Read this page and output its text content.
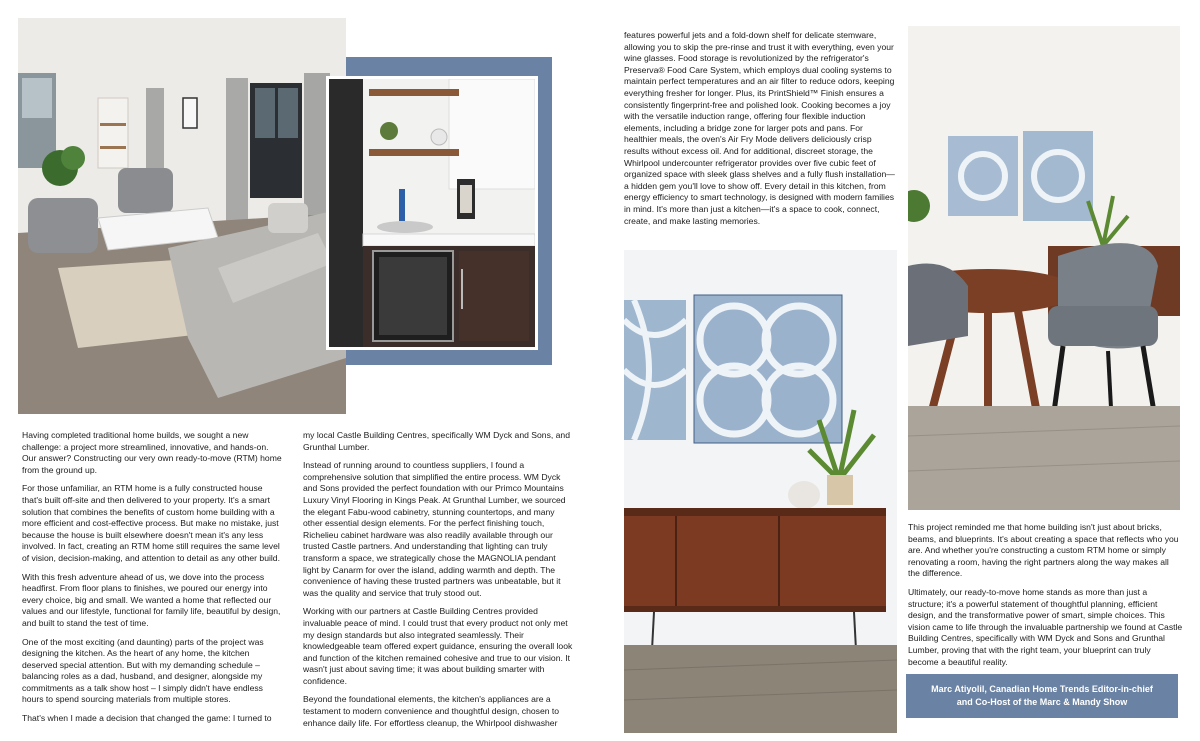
Having completed traditional home builds, we sought a new challenge: a project more streamlined, innovative, and hands-on. Our answer? Constructing our very own ready-to-move (RTM) home from the ground up.

For those unfamiliar, an RTM home is a fully constructed house that's built off-site and then delivered to your property. It's a smart solution that combines the benefits of custom home building with a more efficient and cost-effective process. But make no mistake, just because the house is built elsewhere doesn't mean it's any less involved. In fact, creating an RTM home still requires the same level of vision, decision-making, and attention to detail as any other build.

With this fresh adventure ahead of us, we dove into the process headfirst. From floor plans to finishes, we poured our energy into every choice, big and small. We wanted a home that reflected our values and our lifestyle, functional for family life, beautiful by design, and built to stand the test of time.

One of the most exciting (and daunting) parts of the project was designing the kitchen. As the heart of any home, the kitchen deserved special attention. But with my demanding schedule – balancing roles as a dad, husband, and designer, alongside my commitments as a talk show host – I simply didn't have endless hours to spend sourcing materials from multiple stores.

That's when I made a decision that changed the game: I turned to

my local Castle Building Centres, specifically WM Dyck and Sons, and Grunthal Lumber.

Instead of running around to countless suppliers, I found a comprehensive solution that simplified the entire process. WM Dyck and Sons provided the perfect foundation with our Primco Mountains Luxury Vinyl Flooring in Kings Peak. At Grunthal Lumber, we sourced the elegant Fabu-wood cabinetry, stunning countertops, and many other essential design elements. For the perfect finishing touch, Richelieu cabinet hardware was also readily available through our trusted Castle partners. And understanding that lighting can truly transform a space, we strategically chose the MAGNOLIA pendant light by Canarm for over the island, adding warmth and depth. The convenience of having these trusted partners was unbeatable, but it was the quality and service that truly stood out.

Working with our partners at Castle Building Centres provided invaluable peace of mind. I could trust that every product not only met my design standards but also integrated seamlessly. Their knowledgeable team offered expert guidance, ensuring the overall look and function of the kitchen remained cohesive and true to our vision. It wasn't just about saving time; it was about building smarter with confidence.

Beyond the foundational elements, the kitchen's appliances are a testament to modern convenience and thoughtful design, chosen to enhance daily life. For effortless cleanup, the Whirlpool dishwasher

features powerful jets and a fold-down shelf for delicate stemware, allowing you to skip the pre-rinse and trust it with everything, even your wine glasses. Food storage is revolutionized by the refrigerator's Preserva® Food Care System, which employs dual cooling systems to maintain perfect temperatures and an air filter to reduce odors, keeping everything fresher for longer. Plus, its PrintShield™ Finish ensures a consistently fingerprint-free and polished look. Cooking becomes a joy with the versatile induction range, offering four flexible induction elements, including a bridge zone for larger pots and pans. For healthier meals, the oven's Air Fry Mode delivers deliciously crisp results without excess oil. And for additional, discreet storage, the Whirlpool undercounter refrigerator provides over five cubic feet of organized space with sleek glass shelves and a fully flush installation—a hidden gem you'll love to show off. Every detail in this kitchen, from energy efficiency to smart technology, is designed with modern families in mind. It's more than just a kitchen—it's a space to cook, connect, create, and make lasting memories.

This project reminded me that home building isn't just about bricks, beams, and blueprints. It's about creating a space that reflects who you are. And whether you're constructing a custom RTM home or simply renovating a room, having the right partners along the way makes all the difference.

Ultimately, our ready-to-move home stands as more than just a structure; it's a powerful statement of thoughtful planning, efficient design, and the transformative power of smart, simple choices. This vision came to life through the invaluable partnership we found at Castle Building Centres, specifically with WM Dyck and Sons and Grunthal Lumber, proving that with the right team, your blueprint can truly become a beautiful reality.

Marc Atiyolil, Canadian Home Trends Editor-in-chief
and Co-Host of the Marc & Mandy Show
